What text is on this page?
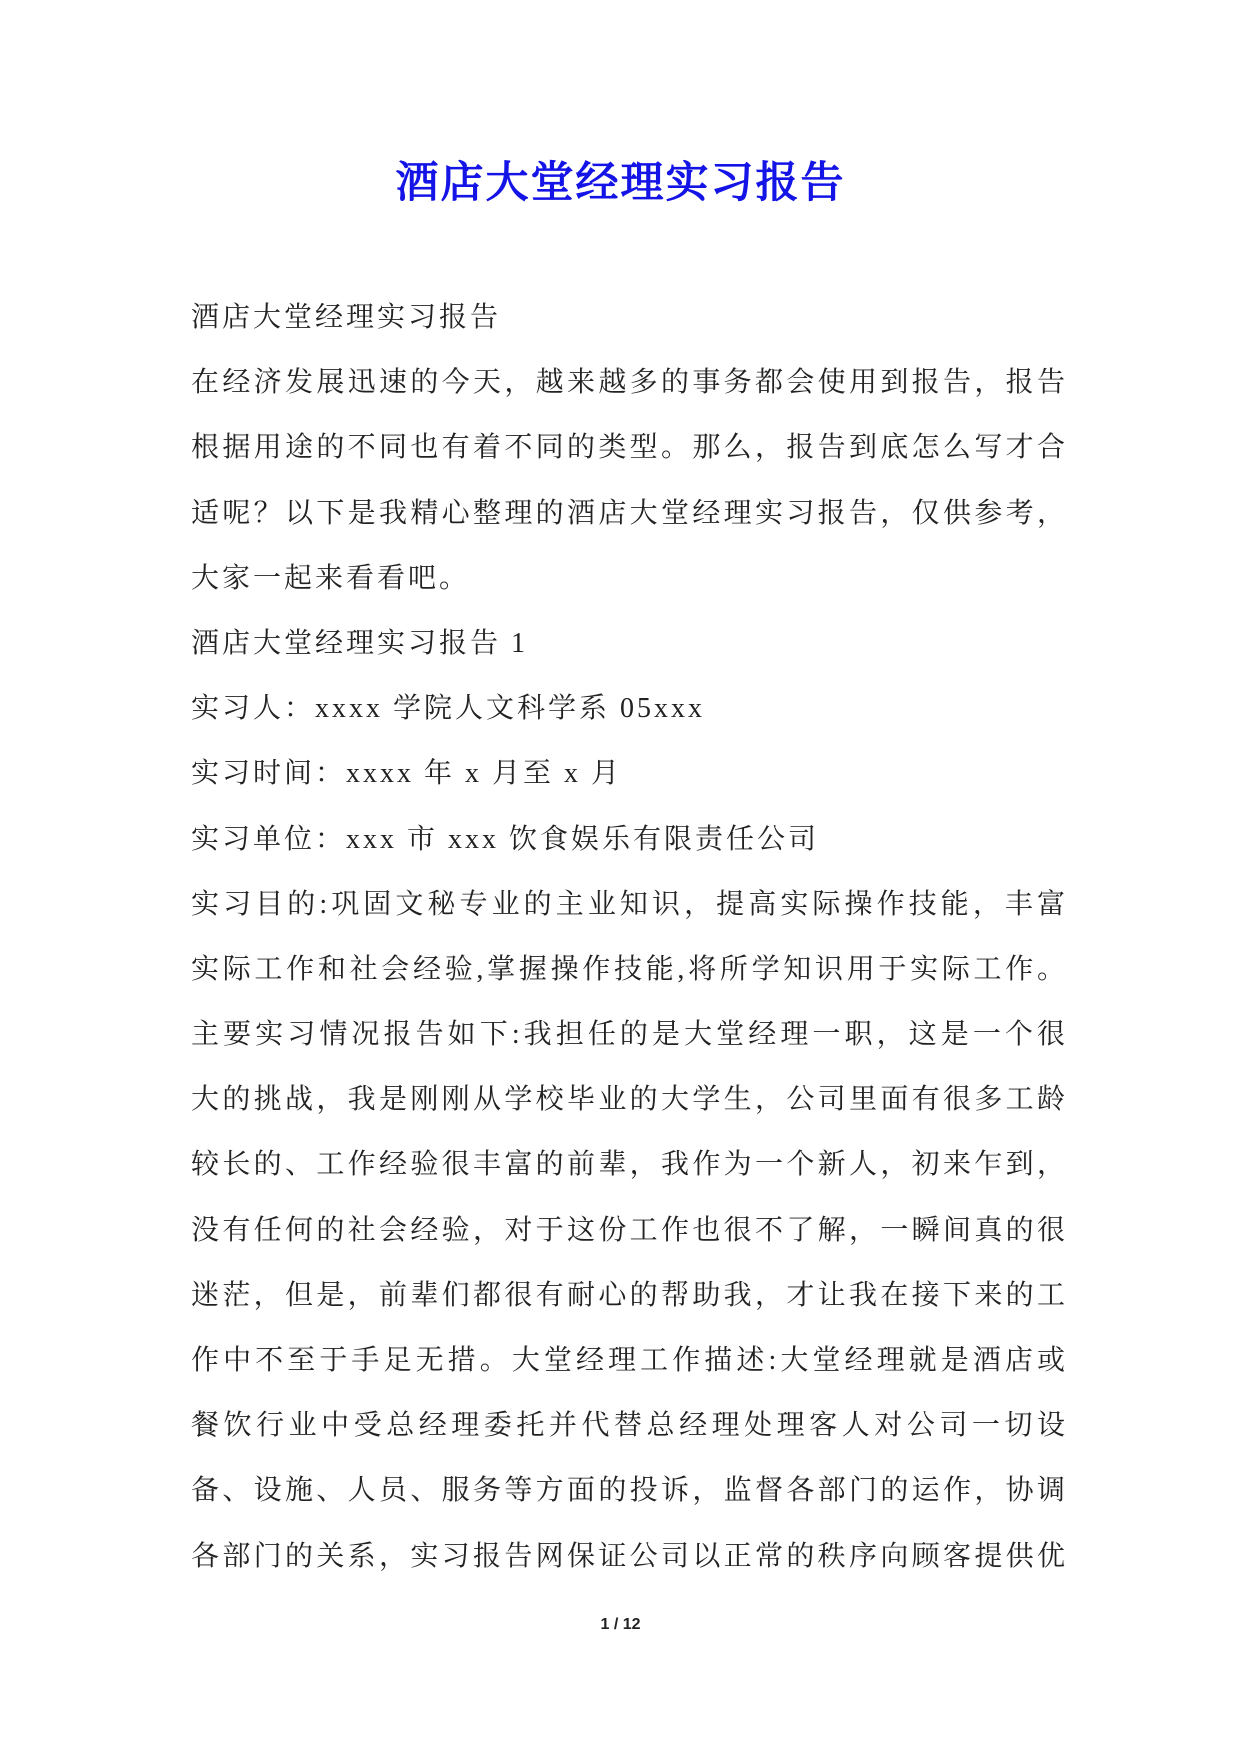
酒店大堂经理实习报告
酒店大堂经理实习报告
在经济发展迅速的今天，越来越多的事务都会使用到报告，报告
根据用途的不同也有着不同的类型。那么，报告到底怎么写才合
适呢？以下是我精心整理的酒店大堂经理实习报告，仅供参考，
大家一起来看看吧。
酒店大堂经理实习报告 1
实习人：xxxx 学院人文科学系 05xxx
实习时间：xxxx 年 x 月至 x 月
实习单位：xxx 市 xxx 饮食娱乐有限责任公司
实习目的:巩固文秘专业的主业知识，提高实际操作技能，丰富
实际工作和社会经验,掌握操作技能,将所学知识用于实际工作。
主要实习情况报告如下:我担任的是大堂经理一职，这是一个很
大的挑战，我是刚刚从学校毕业的大学生，公司里面有很多工龄
较长的、工作经验很丰富的前辈，我作为一个新人，初来乍到，
没有任何的社会经验，对于这份工作也很不了解，一瞬间真的很
迷茫，但是，前辈们都很有耐心的帮助我，才让我在接下来的工
作中不至于手足无措。大堂经理工作描述:大堂经理就是酒店或
餐饮行业中受总经理委托并代替总经理处理客人对公司一切设
备、设施、人员、服务等方面的投诉，监督各部门的运作，协调
各部门的关系，实习报告网保证公司以正常的秩序向顾客提供优
1 / 12
